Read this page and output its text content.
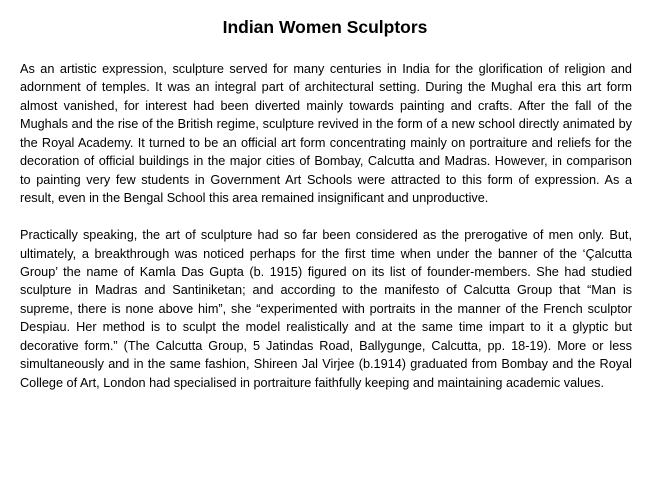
Indian Women Sculptors

As an artistic expression, sculpture served for many centuries in India for the glorification of religion and adornment of temples. It was an integral part of architectural setting. During the Mughal era this art form almost vanished, for interest had been diverted mainly towards painting and crafts. After the fall of the Mughals and the rise of the British regime, sculpture revived in the form of a new school directly animated by the Royal Academy. It turned to be an official art form concentrating mainly on portraiture and reliefs for the decoration of official buildings in the major cities of Bombay, Calcutta and Madras. However, in comparison to painting very few students in Government Art Schools were attracted to this form of expression. As a result, even in the Bengal School this area remained insignificant and unproductive.

Practically speaking, the art of sculpture had so far been considered as the prerogative of men only. But, ultimately, a breakthrough was noticed perhaps for the first time when under the banner of the ‘Çalcutta Group’ the name of Kamla Das Gupta (b. 1915) figured on its list of founder-members. She had studied sculpture in Madras and Santiniketan; and according to the manifesto of Calcutta Group that “Man is supreme, there is none above him”, she “experimented with portraits in the manner of the French sculptor Despiau. Her method is to sculpt the model realistically and at the same time impart to it a glyptic but decorative form.” (The Calcutta Group, 5 Jatindas Road, Ballygunge, Calcutta, pp. 18-19). More or less simultaneously and in the same fashion, Shireen Jal Virjee (b.1914) graduated from Bombay and the Royal College of Art, London had specialised in portraiture faithfully keeping and maintaining academic values.
